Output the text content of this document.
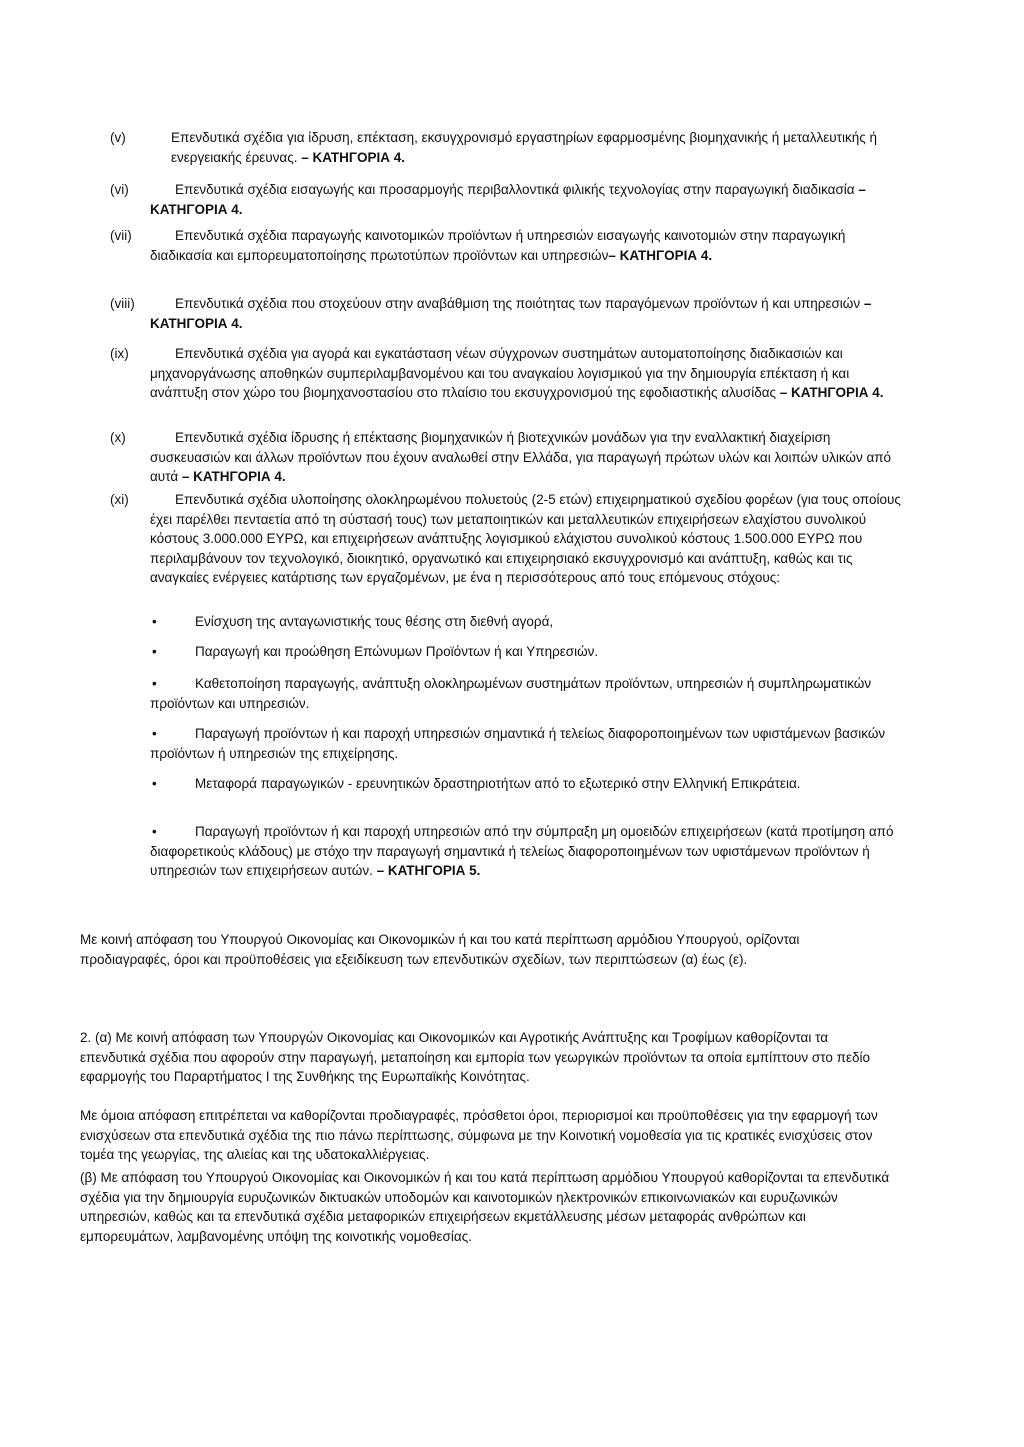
(v)	Επενδυτικά σχέδια για ίδρυση, επέκταση, εκσυγχρονισμό εργαστηρίων εφαρμοσμένης βιομηχανικής ή μεταλλευτικής ή ενεργειακής έρευνας. – ΚΑΤΗΓΟΡΙΑ 4.
(vi)	Επενδυτικά σχέδια εισαγωγής και προσαρμογής περιβαλλοντικά φιλικής τεχνολογίας στην παραγωγική διαδικασία – ΚΑΤΗΓΟΡΙΑ 4.
(vii)	Επενδυτικά σχέδια παραγωγής καινοτομικών προϊόντων ή υπηρεσιών εισαγωγής καινοτομιών στην παραγωγική διαδικασία και εμπορευματοποίησης πρωτοτύπων προϊόντων και υπηρεσιών– ΚΑΤΗΓΟΡΙΑ 4.
(viii)	Επενδυτικά σχέδια που στοχεύουν στην αναβάθμιση της ποιότητας των παραγόμενων προϊόντων ή και υπηρεσιών – ΚΑΤΗΓΟΡΙΑ 4.
(ix)	Επενδυτικά σχέδια για αγορά και εγκατάσταση νέων σύγχρονων συστημάτων αυτοματοποίησης διαδικασιών και μηχανοργάνωσης αποθηκών συμπεριλαμβανομένου και του αναγκαίου λογισμικού για την δημιουργία επέκταση ή και ανάπτυξη στον χώρο του βιομηχανοστασίου στο πλαίσιο του εκσυγχρονισμού της εφοδιαστικής αλυσίδας – ΚΑΤΗΓΟΡΙΑ 4.
(x)	Επενδυτικά σχέδια ίδρυσης ή επέκτασης βιομηχανικών ή βιοτεχνικών μονάδων για την εναλλακτική διαχείριση συσκευασιών και άλλων προϊόντων που έχουν αναλωθεί στην Ελλάδα, για παραγωγή πρώτων υλών και λοιπών υλικών από αυτά – ΚΑΤΗΓΟΡΙΑ 4.
(xi)	Επενδυτικά σχέδια υλοποίησης ολοκληρωμένου πολυετούς (2-5 ετών) επιχειρηματικού σχεδίου φορέων (για τους οποίους έχει παρέλθει πενταετία από τη σύστασή τους) των μεταποιητικών και μεταλλευτικών επιχειρήσεων ελαχίστου συνολικού κόστους 3.000.000 ΕΥΡΩ, και επιχειρήσεων ανάπτυξης λογισμικού ελάχιστου συνολικού κόστους 1.500.000 ΕΥΡΩ που περιλαμβάνουν τον τεχνολογικό, διοικητικό, οργανωτικό και επιχειρησιακό εκσυγχρονισμό και ανάπτυξη, καθώς και τις αναγκαίες ενέργειες κατάρτισης των εργαζομένων, με ένα η περισσότερους από τους επόμενους στόχους:
•	Ενίσχυση της ανταγωνιστικής τους θέσης στη διεθνή αγορά,
•	Παραγωγή και προώθηση Επώνυμων Προϊόντων ή και Υπηρεσιών.
•	Καθετοποίηση παραγωγής, ανάπτυξη ολοκληρωμένων συστημάτων προϊόντων, υπηρεσιών ή συμπληρωματικών προϊόντων και υπηρεσιών.
•	Παραγωγή προϊόντων ή και παροχή υπηρεσιών σημαντικά ή τελείως διαφοροποιημένων των υφιστάμενων βασικών προϊόντων ή υπηρεσιών της επιχείρησης.
•	Μεταφορά παραγωγικών - ερευνητικών δραστηριοτήτων από το εξωτερικό στην Ελληνική Επικράτεια.
•	Παραγωγή προϊόντων ή και παροχή υπηρεσιών από την σύμπραξη μη ομοειδών επιχειρήσεων (κατά προτίμηση από διαφορετικούς κλάδους) με στόχο την παραγωγή σημαντικά ή τελείως διαφοροποιημένων των υφιστάμενων προϊόντων ή υπηρεσιών των επιχειρήσεων αυτών. – ΚΑΤΗΓΟΡΙΑ 5.
Με κοινή απόφαση του Υπουργού Οικονομίας και Οικονομικών ή και του κατά περίπτωση αρμόδιου Υπουργού, ορίζονται προδιαγραφές, όροι και προϋποθέσεις για εξειδίκευση των επενδυτικών σχεδίων, των περιπτώσεων (α) έως (ε).
2. (α) Με κοινή απόφαση των Υπουργών Οικονομίας και Οικονομικών και Αγροτικής Ανάπτυξης και Τροφίμων καθορίζονται τα επενδυτικά σχέδια που αφορούν στην παραγωγή, μεταποίηση και εμπορία των γεωργικών προϊόντων τα οποία εμπίπτουν στο πεδίο εφαρμογής του Παραρτήματος Ι της Συνθήκης της Ευρωπαϊκής Κοινότητας.
Με όμοια απόφαση επιτρέπεται να καθορίζονται προδιαγραφές, πρόσθετοι όροι, περιορισμοί και προϋποθέσεις για την εφαρμογή των ενισχύσεων στα επενδυτικά σχέδια της πιο πάνω περίπτωσης, σύμφωνα με την Κοινοτική νομοθεσία για τις κρατικές ενισχύσεις στον τομέα της γεωργίας, της αλιείας και της υδατοκαλλιέργειας.
(β) Με απόφαση του Υπουργού Οικονομίας και Οικονομικών ή και του κατά περίπτωση αρμόδιου Υπουργού καθορίζονται τα επενδυτικά σχέδια για την δημιουργία ευρυζωνικών δικτυακών υποδομών και καινοτομικών ηλεκτρονικών επικοινωνιακών και ευρυζωνικών υπηρεσιών, καθώς και τα επενδυτικά σχέδια μεταφορικών επιχειρήσεων εκμετάλλευσης μέσων μεταφοράς ανθρώπων και εμπορευμάτων, λαμβανομένης υπόψη της κοινοτικής νομοθεσίας.
